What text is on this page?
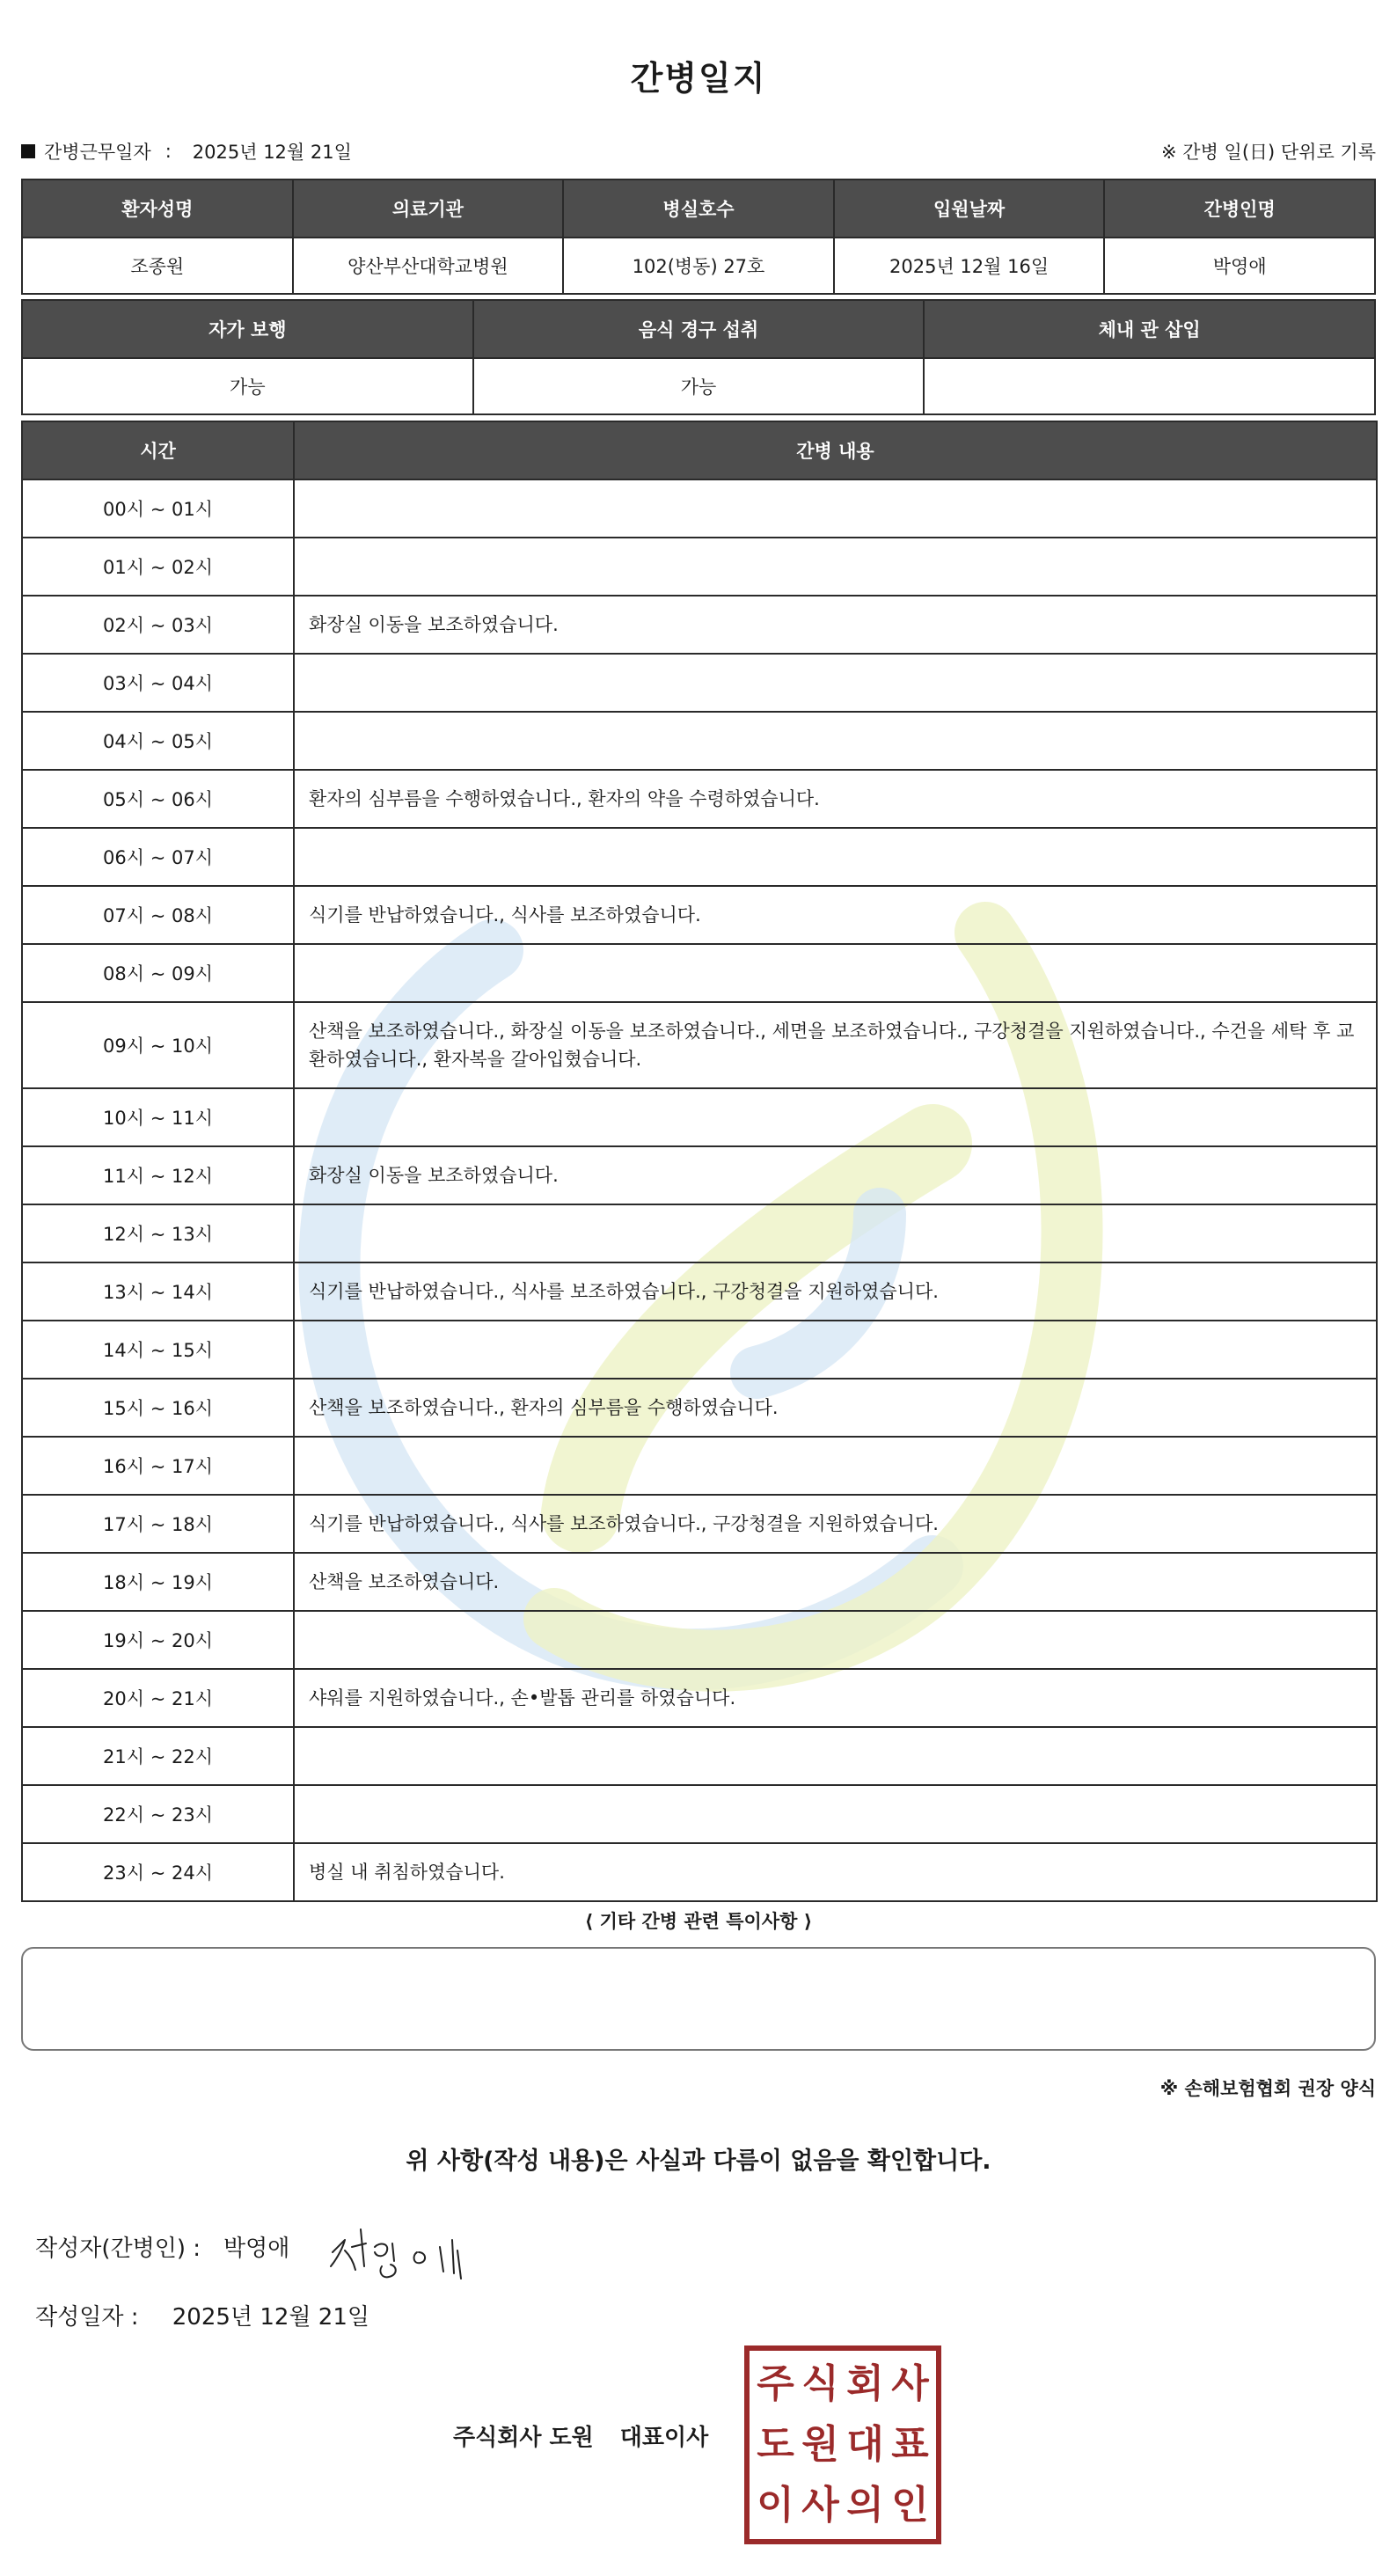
간병일지
간병근무일자 : 2025년 12월 21일	※ 간병 일(日) 단위로 기록
환자성명	의료기관	병실호수	입원날짜	간병인명
조종원	양산부산대학교병원	102(병동) 27호	2025년 12월 16일	박영애
자가 보행	음식 경구 섭취	체내 관 삽입
가능	가능	
시간	간병 내용
00시 ~ 01시	
01시 ~ 02시	
02시 ~ 03시	화장실 이동을 보조하였습니다.
03시 ~ 04시	
04시 ~ 05시	
05시 ~ 06시	환자의 심부름을 수행하였습니다., 환자의 약을 수령하였습니다.
06시 ~ 07시	
07시 ~ 08시	식기를 반납하였습니다., 식사를 보조하였습니다.
08시 ~ 09시	
09시 ~ 10시	산책을 보조하였습니다., 화장실 이동을 보조하였습니다., 세면을 보조하였습니다., 구강청결을 지원하였습니다., 수건을 세탁 후 교환하였습니다., 환자복을 갈아입혔습니다.
10시 ~ 11시	
11시 ~ 12시	화장실 이동을 보조하였습니다.
12시 ~ 13시	
13시 ~ 14시	식기를 반납하였습니다., 식사를 보조하였습니다., 구강청결을 지원하였습니다.
14시 ~ 15시	
15시 ~ 16시	산책을 보조하였습니다., 환자의 심부름을 수행하였습니다.
16시 ~ 17시	
17시 ~ 18시	식기를 반납하였습니다., 식사를 보조하였습니다., 구강청결을 지원하였습니다.
18시 ~ 19시	산책을 보조하였습니다.
19시 ~ 20시	
20시 ~ 21시	샤워를 지원하였습니다., 손•발톱 관리를 하였습니다.
21시 ~ 22시	
22시 ~ 23시	
23시 ~ 24시	병실 내 취침하였습니다.
⟨ 기타 간병 관련 특이사항 ⟩
※ 손해보험협회 권장 양식
위 사항(작성 내용)은 사실과 다름이 없음을 확인합니다.
작성자(간병인) : 박영애
작성일자 : 2025년 12월 21일
주식회사 도원 대표이사
주 식 회 사
도 원 대 표
이 사 의 인
